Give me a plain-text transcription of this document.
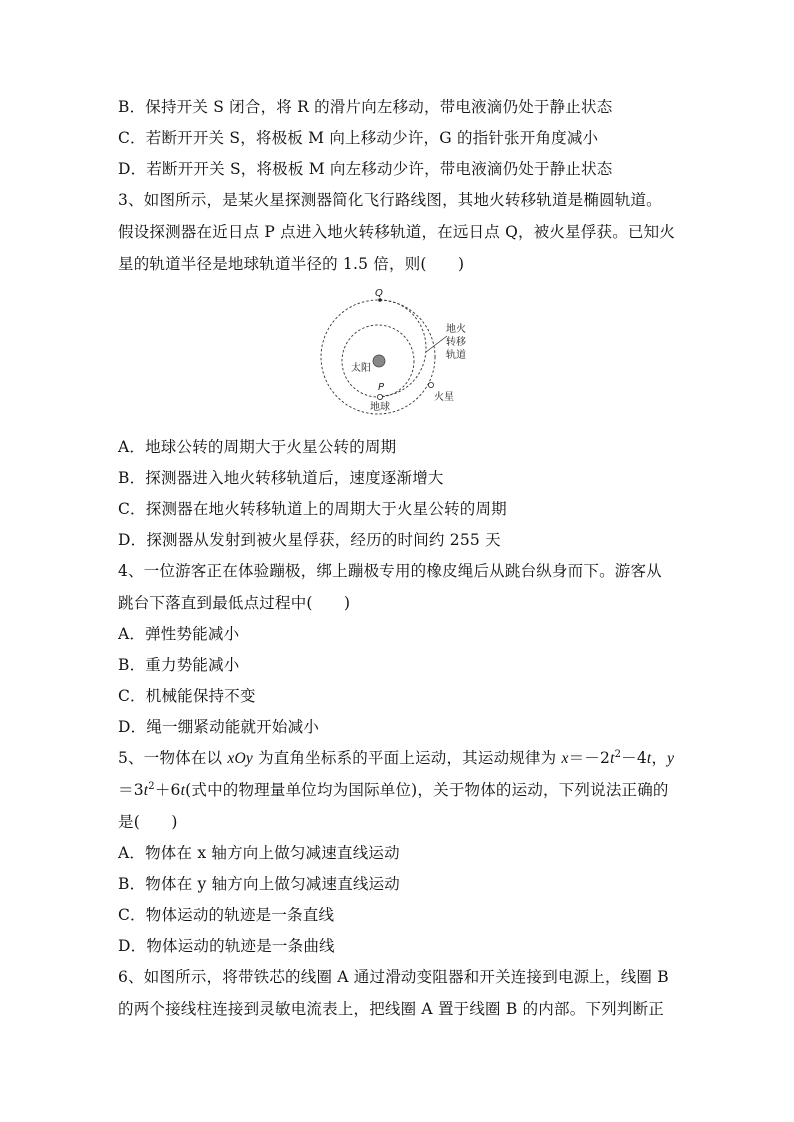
B．保持开关 S 闭合，将 R 的滑片向左移动，带电液滴仍处于静止状态
C．若断开开关 S，将极板 M 向上移动少许，G 的指针张开角度减小
D．若断开开关 S，将极板 M 向左移动少许，带电液滴仍处于静止状态
3、如图所示，是某火星探测器简化飞行路线图，其地火转移轨道是椭圆轨道。
假设探测器在近日点 P 点进入地火转移轨道，在远日点 Q，被火星俘获。已知火
星的轨道半径是地球轨道半径的 1.5 倍，则(　　)
Q
P
太阳
地球
火星
地火
转移
轨道
A．地球公转的周期大于火星公转的周期
B．探测器进入地火转移轨道后，速度逐渐增大
C．探测器在地火转移轨道上的周期大于火星公转的周期
D．探测器从发射到被火星俘获，经历的时间约 255 天
4、一位游客正在体验蹦极，绑上蹦极专用的橡皮绳后从跳台纵身而下。游客从
跳台下落直到最低点过程中(　　)
A．弹性势能减小
B．重力势能减小
C．机械能保持不变
D．绳一绷紧动能就开始减小
5、一物体在以 xOy 为直角坐标系的平面上运动，其运动规律为 $x=-2t^2-4t$，y
$=3t^2+6t$(式中的物理量单位均为国际单位)，关于物体的运动，下列说法正确的
是(　　)
A．物体在 x 轴方向上做匀减速直线运动
B．物体在 y 轴方向上做匀减速直线运动
C．物体运动的轨迹是一条直线
D．物体运动的轨迹是一条曲线
6、如图所示，将带铁芯的线圈 A 通过滑动变阻器和开关连接到电源上，线圈 B
的两个接线柱连接到灵敏电流表上，把线圈 A 置于线圈 B 的内部。下列判断正
